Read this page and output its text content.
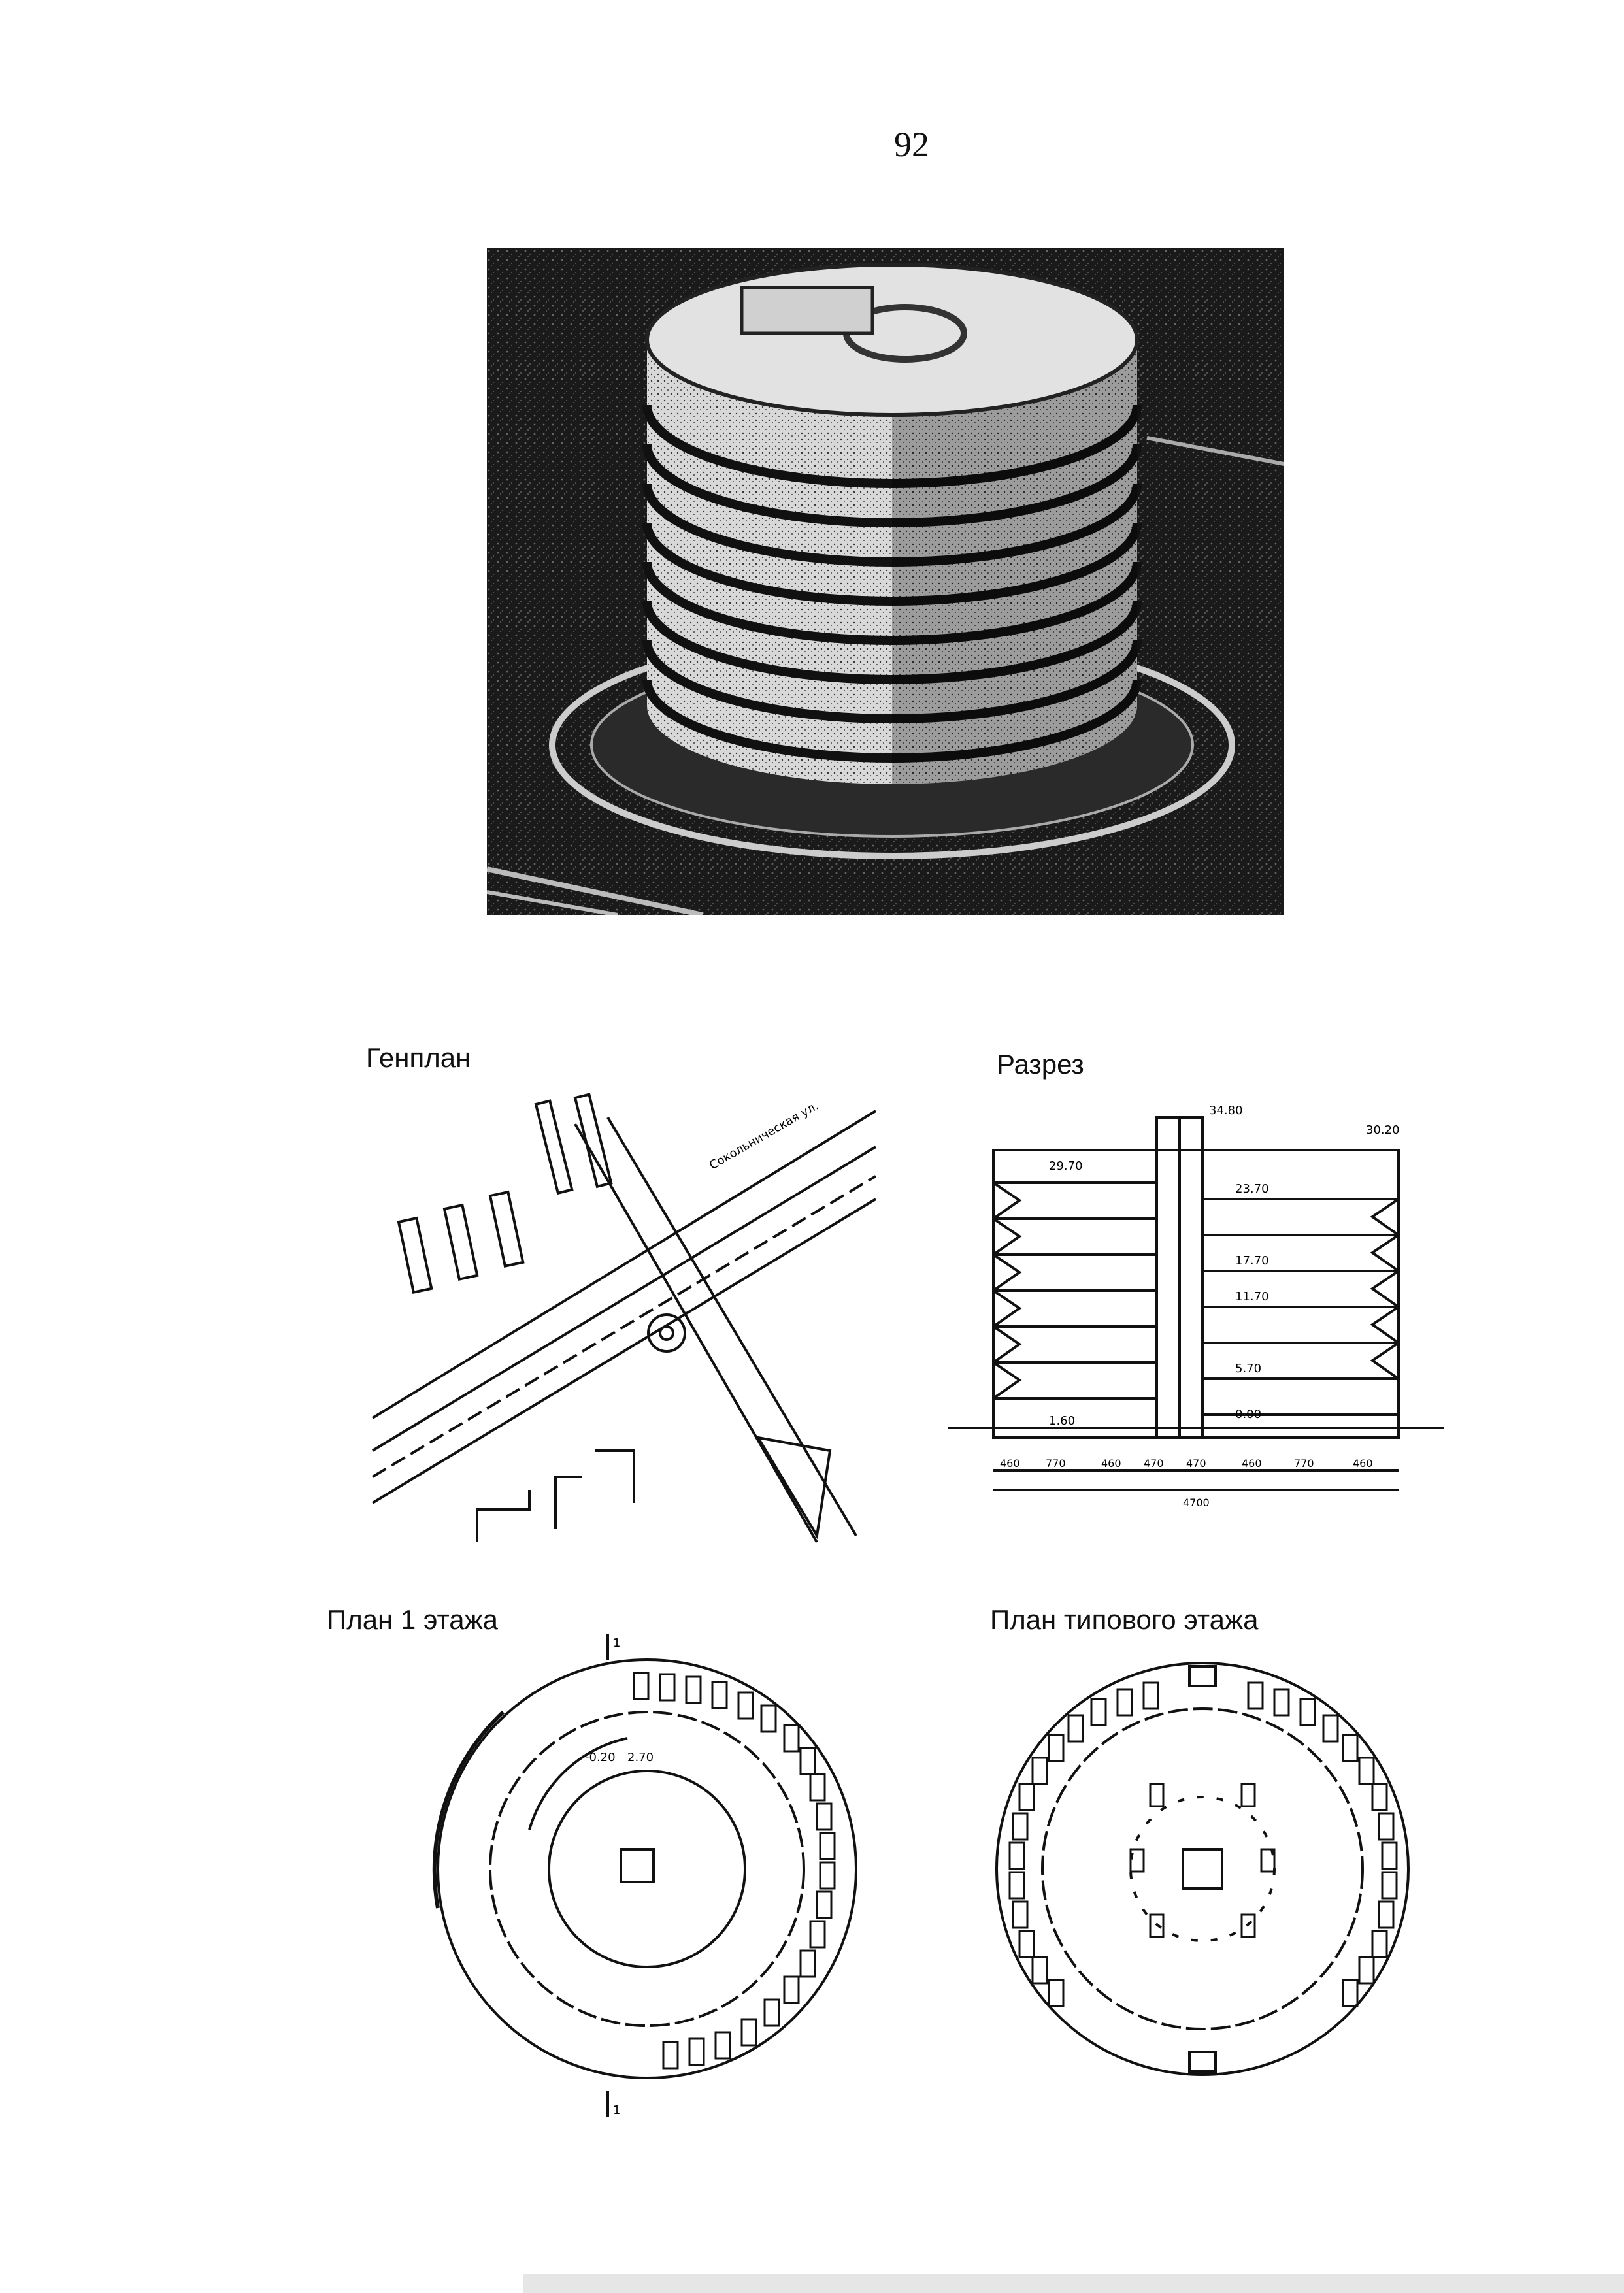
92
Генплан	Разрез
План 1 этажа	План типового этажа
Сокольническая ул.	29.70
1.60
23.70
17.70
11.70
5.70
0.00
34.80
30.20
460 770	460 470 470	460	770	460
4700
-0.20 2.70
1
1
